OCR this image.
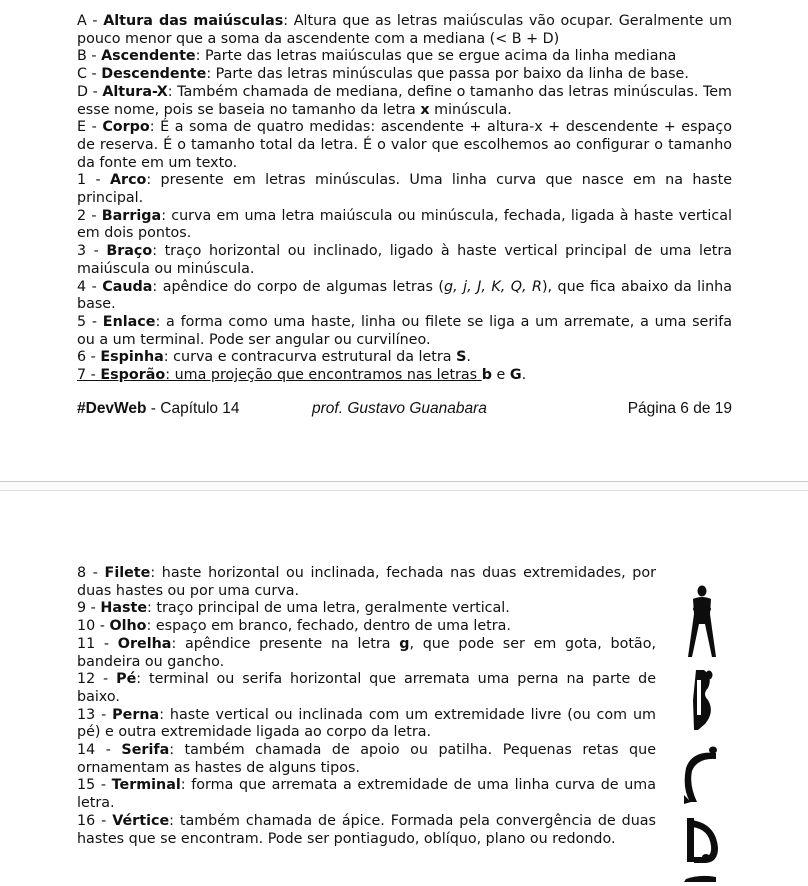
A - Altura das maiúsculas: Altura que as letras maiúsculas vão ocupar. Geralmente um pouco menor que a soma da ascendente com a mediana (< B + D)

B - Ascendente: Parte das letras maiúsculas que se ergue acima da linha mediana

C - Descendente: Parte das letras minúsculas que passa por baixo da linha de base.

D - Altura-X: Também chamada de mediana, define o tamanho das letras minúsculas. Tem esse nome, pois se baseia no tamanho da letra x minúscula.

E - Corpo: É a soma de quatro medidas: ascendente + altura-x + descendente + espaço de reserva. É o tamanho total da letra. É o valor que escolhemos ao configurar o tamanho da fonte em um texto.

1 - Arco: presente em letras minúsculas. Uma linha curva que nasce em na haste principal.

2 - Barriga: curva em uma letra maiúscula ou minúscula, fechada, ligada à haste vertical em dois pontos.

3 - Braço: traço horizontal ou inclinado, ligado à haste vertical principal de uma letra maiúscula ou minúscula.

4 - Cauda: apêndice do corpo de algumas letras (g, j, J, K, Q, R), que fica abaixo da linha base.

5 - Enlace: a forma como uma haste, linha ou filete se liga a um arremate, a uma serifa ou a um terminal. Pode ser angular ou curvilíneo.

6 - Espinha: curva e contracurva estrutural da letra S.

7 - Esporão: uma projeção que encontramos nas letras b e G.

#DevWeb - Capítulo 14	prof. Gustavo Guanabara	Página 6 de 19

8 - Filete: haste horizontal ou inclinada, fechada nas duas extremidades, por duas hastes ou por uma curva.

9 - Haste: traço principal de uma letra, geralmente vertical.

10 - Olho: espaço em branco, fechado, dentro de uma letra.

11 - Orelha: apêndice presente na letra g, que pode ser em gota, botão, bandeira ou gancho.

12 - Pé: terminal ou serifa horizontal que arremata uma perna na parte de baixo.

13 - Perna: haste vertical ou inclinada com um extremidade livre (ou com um pé) e outra extremidade ligada ao corpo da letra.

14 - Serifa: também chamada de apoio ou patilha. Pequenas retas que ornamentam as hastes de alguns tipos.

15 - Terminal: forma que arremata a extremidade de uma linha curva de uma letra.

16 - Vértice: também chamada de ápice. Formada pela convergência de duas hastes que se encontram. Pode ser pontiagudo, oblíquo, plano ou redondo.
